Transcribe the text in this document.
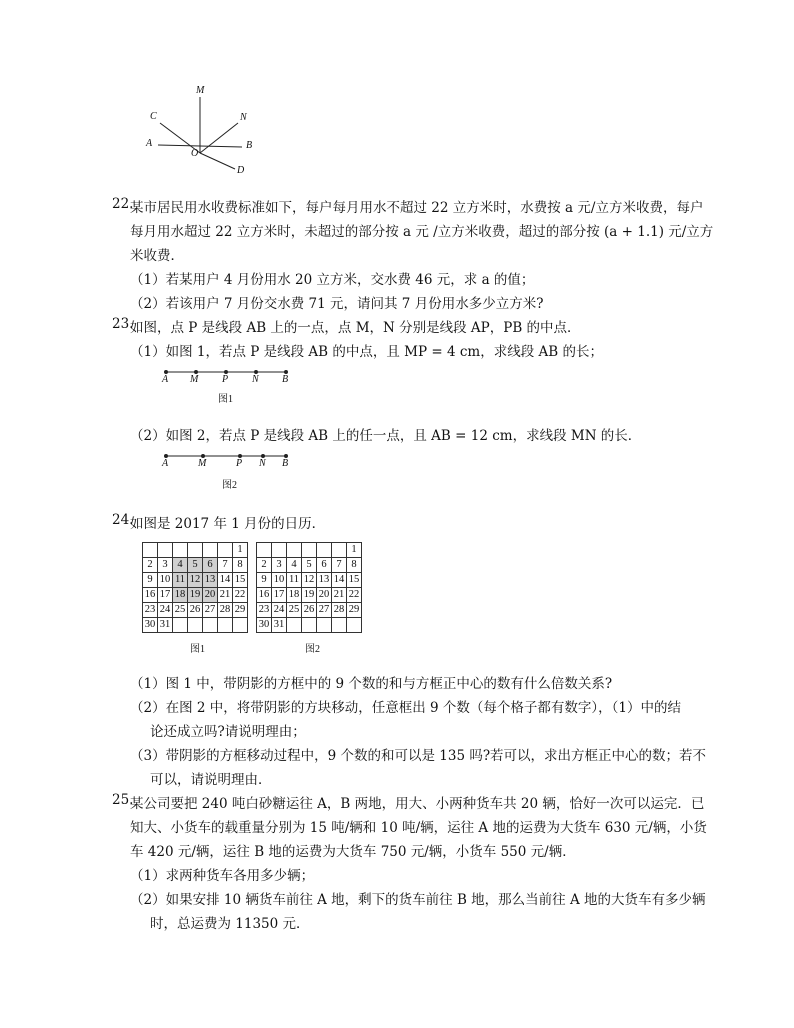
M
C	N
A
O
B
D
22.
某市居民用水收费标准如下，每户每月用水不超过 22 立方米时，水费按 a 元/立方米收费，每户
每月用水超过 22 立方米时，未超过的部分按 a 元 /立方米收费，超过的部分按 (a + 1.1) 元/立方
米收费．
（1）若某用户 4 月份用水 20 立方米，交水费 46 元，求 a 的值；
（2）若该用户 7 月份交水费 71 元，请问其 7 月份用水多少立方米?
23.
如图，点 P 是线段 AB 上的一点，点 M，N 分别是线段 AP，PB 的中点．
（1）如图 1，若点 P 是线段 AB 的中点，且 MP = 4 cm，求线段 AB 的长；
A M P N B
图1
（2）如图 2，若点 P 是线段 AB 上的任一点，且 AB = 12 cm，求线段 MN 的长．
A	M	P N B
图2
24.
如图是 2017 年 1 月份的日历．
						1
2	3	4	5	6	7	8
9	10	11	12	13	14	15
16	17	18	19	20	21	22
23	24	25	26	27	28	29
30	31					
						1
2	3	4	5	6	7	8
9	10	11	12	13	14	15
16	17	18	19	20	21	22
23	24	25	26	27	28	29
30	31					
图1	图2
（1）图 1 中，带阴影的方框中的 9 个数的和与方框正中心的数有什么倍数关系?
（2）在图 2 中，将带阴影的方块移动，任意框出 9 个数（每个格子都有数字），（1）中的结
论还成立吗?请说明理由；
（3）带阴影的方框移动过程中，9 个数的和可以是 135 吗?若可以，求出方框正中心的数；若不
可以，请说明理由．
25.
某公司要把 240 吨白砂糖运往 A，B 两地，用大、小两种货车共 20 辆，恰好一次可以运完．已
知大、小货车的载重量分别为 15 吨/辆和 10 吨/辆，运往 A 地的运费为大货车 630 元/辆，小货
车 420 元/辆，运往 B 地的运费为大货车 750 元/辆，小货车 550 元/辆．
（1）求两种货车各用多少辆；
（2）如果安排 10 辆货车前往 A 地，剩下的货车前往 B 地，那么当前往 A 地的大货车有多少辆
时，总运费为 11350 元．
